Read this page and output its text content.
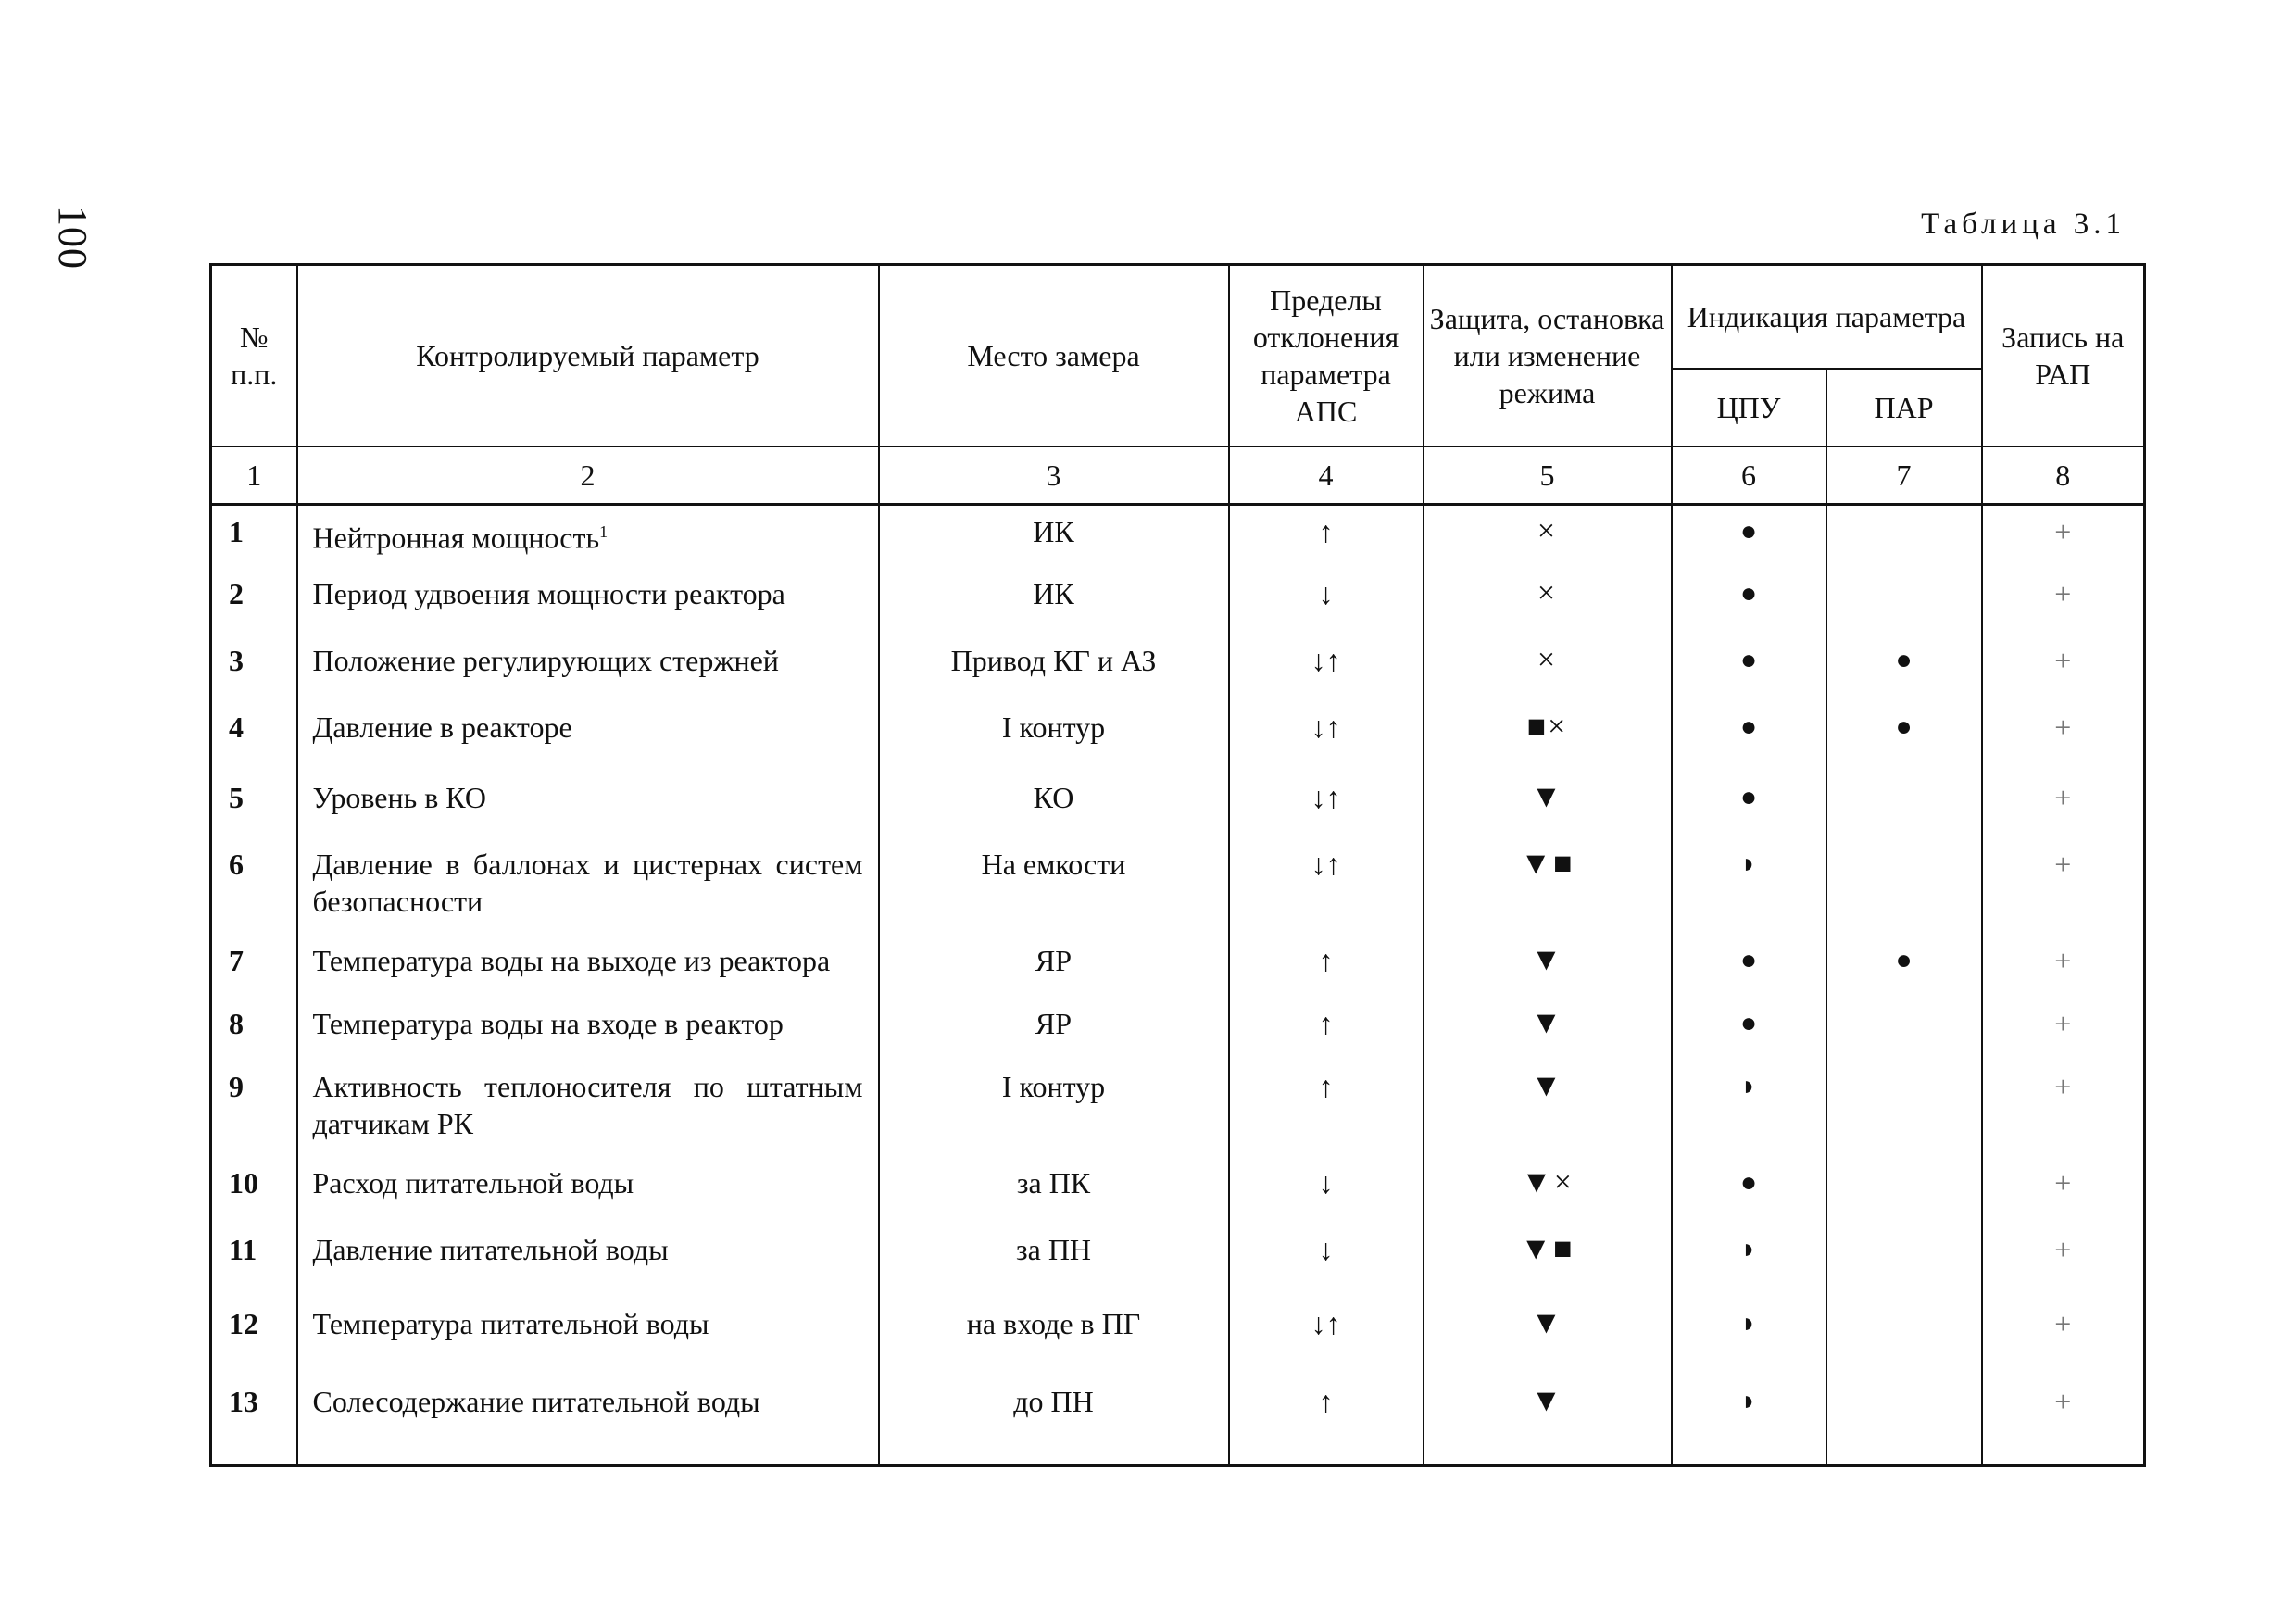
100	Таблица 3.1
№ п.п.	Контролируемый параметр	Место замера	Пределы отклонения параметра АПС	Защита, остановка или изменение режима	Индикация параметра		Запись на РАП
					ЦПУ	ПАР	
1	2	3	4	5	6	7	8
1	Нейтронная мощность$^1$	ИК	↑	×	●		+
2	Период удвоения мощности реактора	ИК	↓	×	●		+
3	Положение регулирующих стержней	Привод КГ и АЗ	↓↑	×	●	●	+
4	Давление в реакторе	I контур	↓↑	■×	●	●	+
5	Уровень в КО	КО	↓↑	▼	●		+
6	Давление в баллонах и цистернах систем безопасности	На емкости	↓↑	▼■	◗		+
7	Температура воды на выходе из реактора	ЯР	↑	▼	●	●	+
8	Температура воды на входе в реактор	ЯР	↑	▼	●		+
9	Активность теплоносителя по штатным датчикам РК	I контур	↑	▼	◗		+
10	Расход питательной воды	за ПК	↓	▼×	●		+
11	Давление питательной воды	за ПН	↓	▼■	◗		+
12	Температура питательной воды	на входе в ПГ	↓↑	▼	◗		+
13	Солесодержание питательной воды	до ПН	↑	▼	◗		+
